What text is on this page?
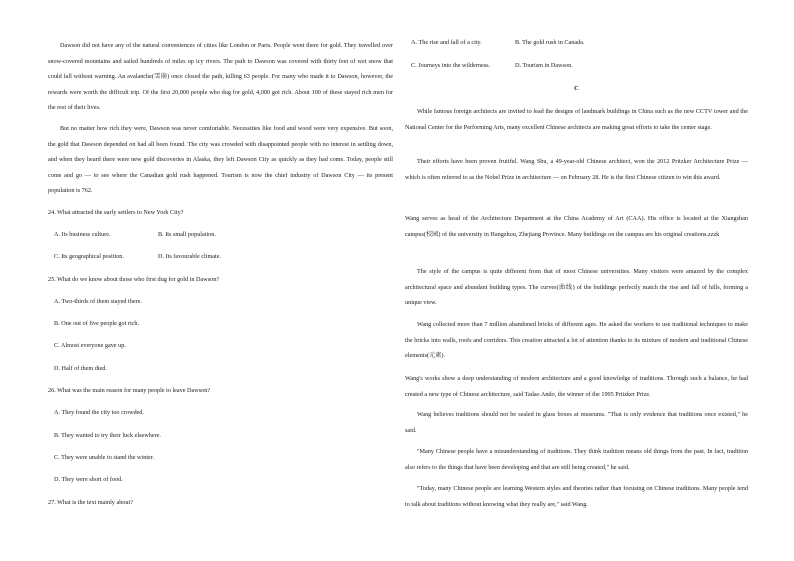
Dawson did not have any of the natural conveniences of cities like London or Paris. People went there for gold. They travelled over snow-covered mountains and sailed hundreds of miles up icy rivers. The path to Dawson was covered with thirty feet of wet snow that could fall without warning. An avalanche(雪崩) once closed the path, killing 63 people. For many who made it to Dawson, however, the rewards were worth the difficult trip. Of the first 20,000 people who dug for gold, 4,000 got rich. About 100 of these stayed rich men for the rest of their lives.

But no matter how rich they were, Dawson was never comfortable. Necessities like food and wood were very expensive. But soon, the gold that Dawson depended on had all been found. The city was crowded with disappointed people with no interest in settling down, and when they heard there were new gold discoveries in Alaska, they left Dawson City as quickly as they had come. Today, people still come and go — to see where the Canadian gold rush happened. Tourism is now the chief industry of Dawson City — its present population is 762.

24. What attracted the early settlers to New York City?
A. Its business culture.	B. Its small population.
C. Its geographical position.	D. Its favourable climate.
25. What do we know about those who first dug for gold in Dawson?
A. Two-thirds of them stayed there.
B. One out of five people got rich.
C. Almost everyone gave up.
D. Half of them died.
26. What was the main reason for many people to leave Dawson?
A. They found the city too crowded.
B. They wanted to try their luck elsewhere.
C. They were unable to stand the winter.
D. They were short of food.
27. What is the text mainly about?
A. The rise and fall of a city.	B. The gold rush in Canada.
C. Journeys into the wilderness.	D. Tourism in Dawson.
C

While famous foreign architects are invited to lead the designs of landmark buildings in China such as the new CCTV tower and the National Center for the Performing Arts, many excellent Chinese architects are making great efforts to take the center stage.

Their efforts have been proven fruitful. Wang Shu, a 49-year-old Chinese architect, won the 2012 Pritzker Architecture Prize — which is often referred to as the Nobel Prize in architecture — on February 28. He is the first Chinese citizen to win this award.

Wang serves as head of the Architecture Department at the China Academy of Art (CAA). His office is located at the Xiangshan campus(校园) of the university in Hangzhou, Zhejiang Province. Many buildings on the campus are his original creations.zzzk

The style of the campus is quite different from that of most Chinese universities. Many visitors were amazed by the complex architectural space and abundant building types. The curves(曲线) of the buildings perfectly match the rise and fall of hills, forming a unique view.

Wang collected more than 7 million abandoned bricks of different ages. He asked the workers to use traditional techniques to make the bricks into walls, roofs and corridors. This creation attracted a lot of attention thanks to its mixture of modern and traditional Chinese elements(元素).

Wang's works show a deep understanding of modern architecture and a good knowledge of traditions. Through such a balance, he had created a new type of Chinese architecture, said Tadao Ando, the winner of the 1995 Pritzker Prize.

Wang believes traditions should not be sealed in glass boxes at museums. "That is only evidence that traditions once existed," he said.

"Many Chinese people have a misunderstanding of traditions. They think tradition means old things from the past. In fact, tradition also refers to the things that have been developing and that are still being created," he said.

"Today, many Chinese people are learning Western styles and theories rather than focusing on Chinese traditions. Many people tend to talk about traditions without knowing what they really are," said Wang.
